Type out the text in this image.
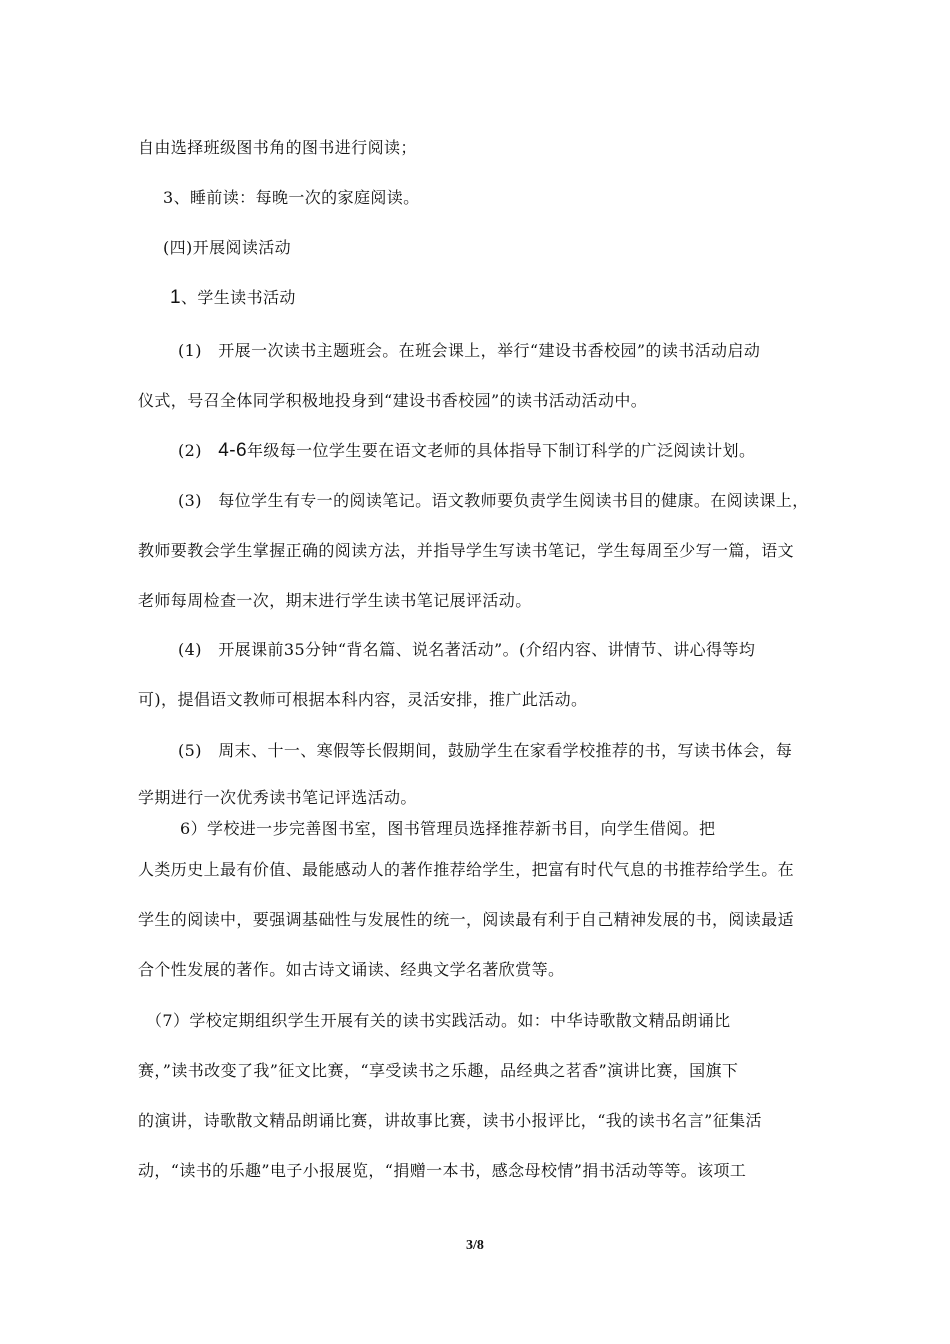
自由选择班级图书角的图书进行阅读；
3、睡前读：每晚一次的家庭阅读。
(四)开展阅读活动
1、学生读书活动
(1)　开展一次读书主题班会。在班会课上，举行“建设书香校园”的读书活动启动
仪式，号召全体同学积极地投身到“建设书香校园”的读书活动活动中。
(2)　4-6年级每一位学生要在语文老师的具体指导下制订科学的广泛阅读计划。
(3)　每位学生有专一的阅读笔记。语文教师要负责学生阅读书目的健康。在阅读课上，
教师要教会学生掌握正确的阅读方法，并指导学生写读书笔记，学生每周至少写一篇，语文
老师每周检查一次，期末进行学生读书笔记展评活动。
(4)　开展课前35分钟“背名篇、说名著活动”。(介绍内容、讲情节、讲心得等均
可)，提倡语文教师可根据本科内容，灵活安排，推广此活动。
(5)　周末、十一、寒假等长假期间，鼓励学生在家看学校推荐的书，写读书体会，每
学期进行一次优秀读书笔记评选活动。
6）学校进一步完善图书室，图书管理员选择推荐新书目，向学生借阅。把
人类历史上最有价值、最能感动人的著作推荐给学生，把富有时代气息的书推荐给学生。在
学生的阅读中，要强调基础性与发展性的统一，阅读最有利于自己精神发展的书，阅读最适
合个性发展的著作。如古诗文诵读、经典文学名著欣赏等。
（7）学校定期组织学生开展有关的读书实践活动。如：中华诗歌散文精品朗诵比
赛，”读书改变了我”征文比赛，“享受读书之乐趣，品经典之茗香”演讲比赛，国旗下
的演讲，诗歌散文精品朗诵比赛，讲故事比赛，读书小报评比，“我的读书名言”征集活
动，“读书的乐趣”电子小报展览，“捐赠一本书，感念母校情”捐书活动等等。该项工
3/8
